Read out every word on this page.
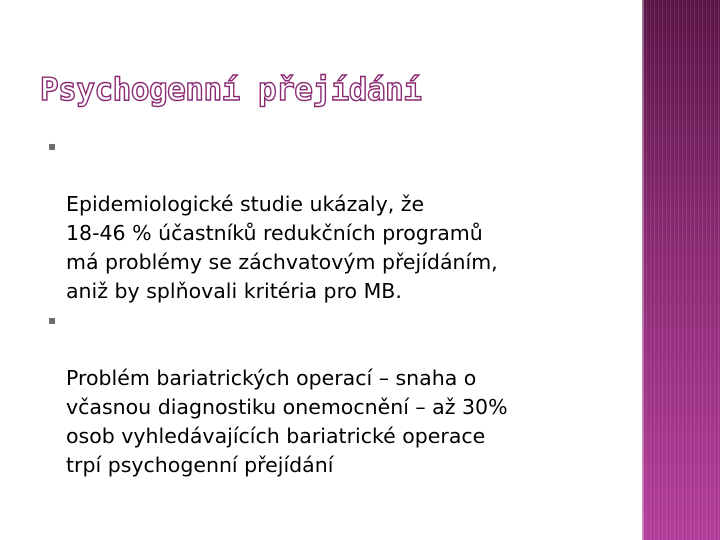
Psychogenní přejídání

▪

Epidemiologické studie ukázaly, že
18-46 % účastníků redukčních programů
má problémy se záchvatovým přejídáním,
aniž by splňovali kritéria pro MB.

▪

Problém bariatrických operací – snaha o
včasnou diagnostiku onemocnění – až 30%
osob vyhledávajících bariatrické operace
trpí psychogenní přejídání
